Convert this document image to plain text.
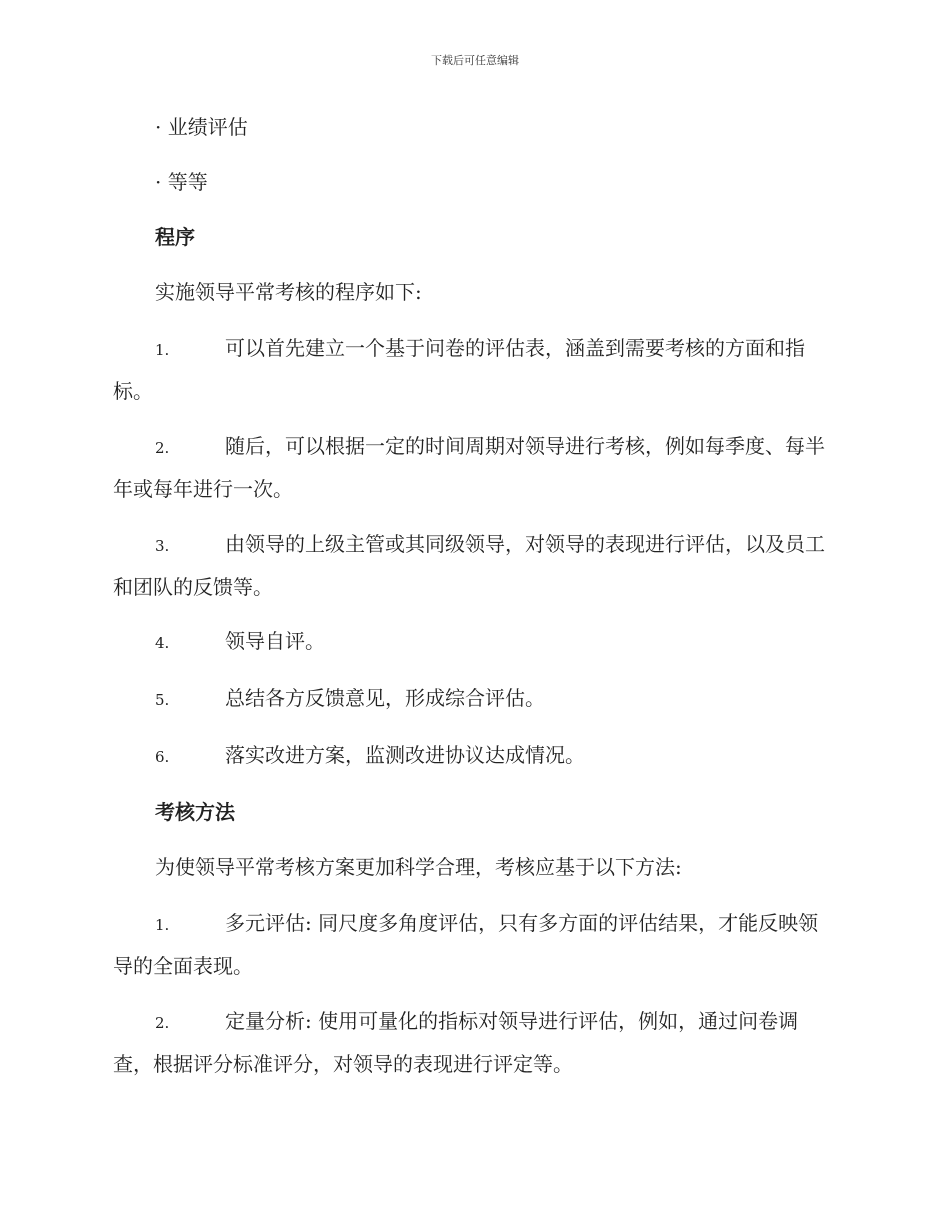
下载后可任意编辑
· 业绩评估
· 等等
程序
实施领导平常考核的程序如下:
1.	可以首先建立一个基于问卷的评估表，涵盖到需要考核的方面和指标。
2.	随后，可以根据一定的时间周期对领导进行考核，例如每季度、每半年或每年进行一次。
3.	由领导的上级主管或其同级领导，对领导的表现进行评估，以及员工和团队的反馈等。
4.	领导自评。
5.	总结各方反馈意见，形成综合评估。
6.	落实改进方案，监测改进协议达成情况。
考核方法
为使领导平常考核方案更加科学合理，考核应基于以下方法:
1.	多元评估: 同尺度多角度评估，只有多方面的评估结果，才能反映领导的全面表现。
2.	定量分析: 使用可量化的指标对领导进行评估，例如，通过问卷调查，根据评分标准评分，对领导的表现进行评定等。
